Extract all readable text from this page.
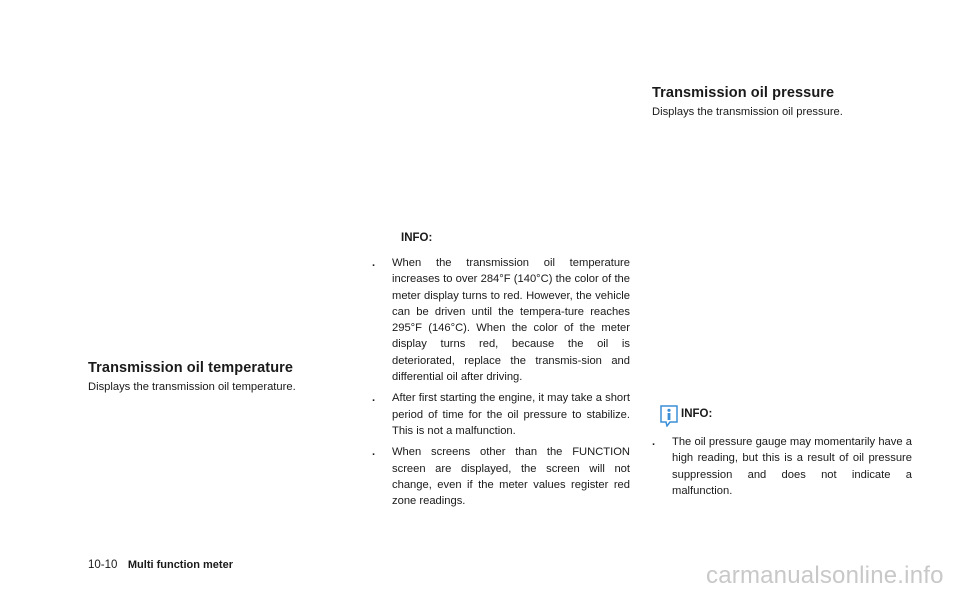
Transmission oil temperature
Displays the transmission oil temperature.
INFO:
. When the transmission oil temperature increases to over 284°F (140°C) the color of the meter display turns to red. However, the vehicle can be driven until the tempera-ture reaches 295°F (146°C). When the color of the meter display turns red, because the oil is deteriorated, replace the transmis-sion and differential oil after driving.
. After first starting the engine, it may take a short period of time for the oil pressure to stabilize. This is not a malfunction.
. When screens other than the FUNCTION screen are displayed, the screen will not change, even if the meter values register red zone readings.
Transmission oil pressure
Displays the transmission oil pressure.
INFO:
. The oil pressure gauge may momentarily have a high reading, but this is a result of oil pressure suppression and does not indicate a malfunction.
10-10 Multi function meter	carmanualsonline.info
